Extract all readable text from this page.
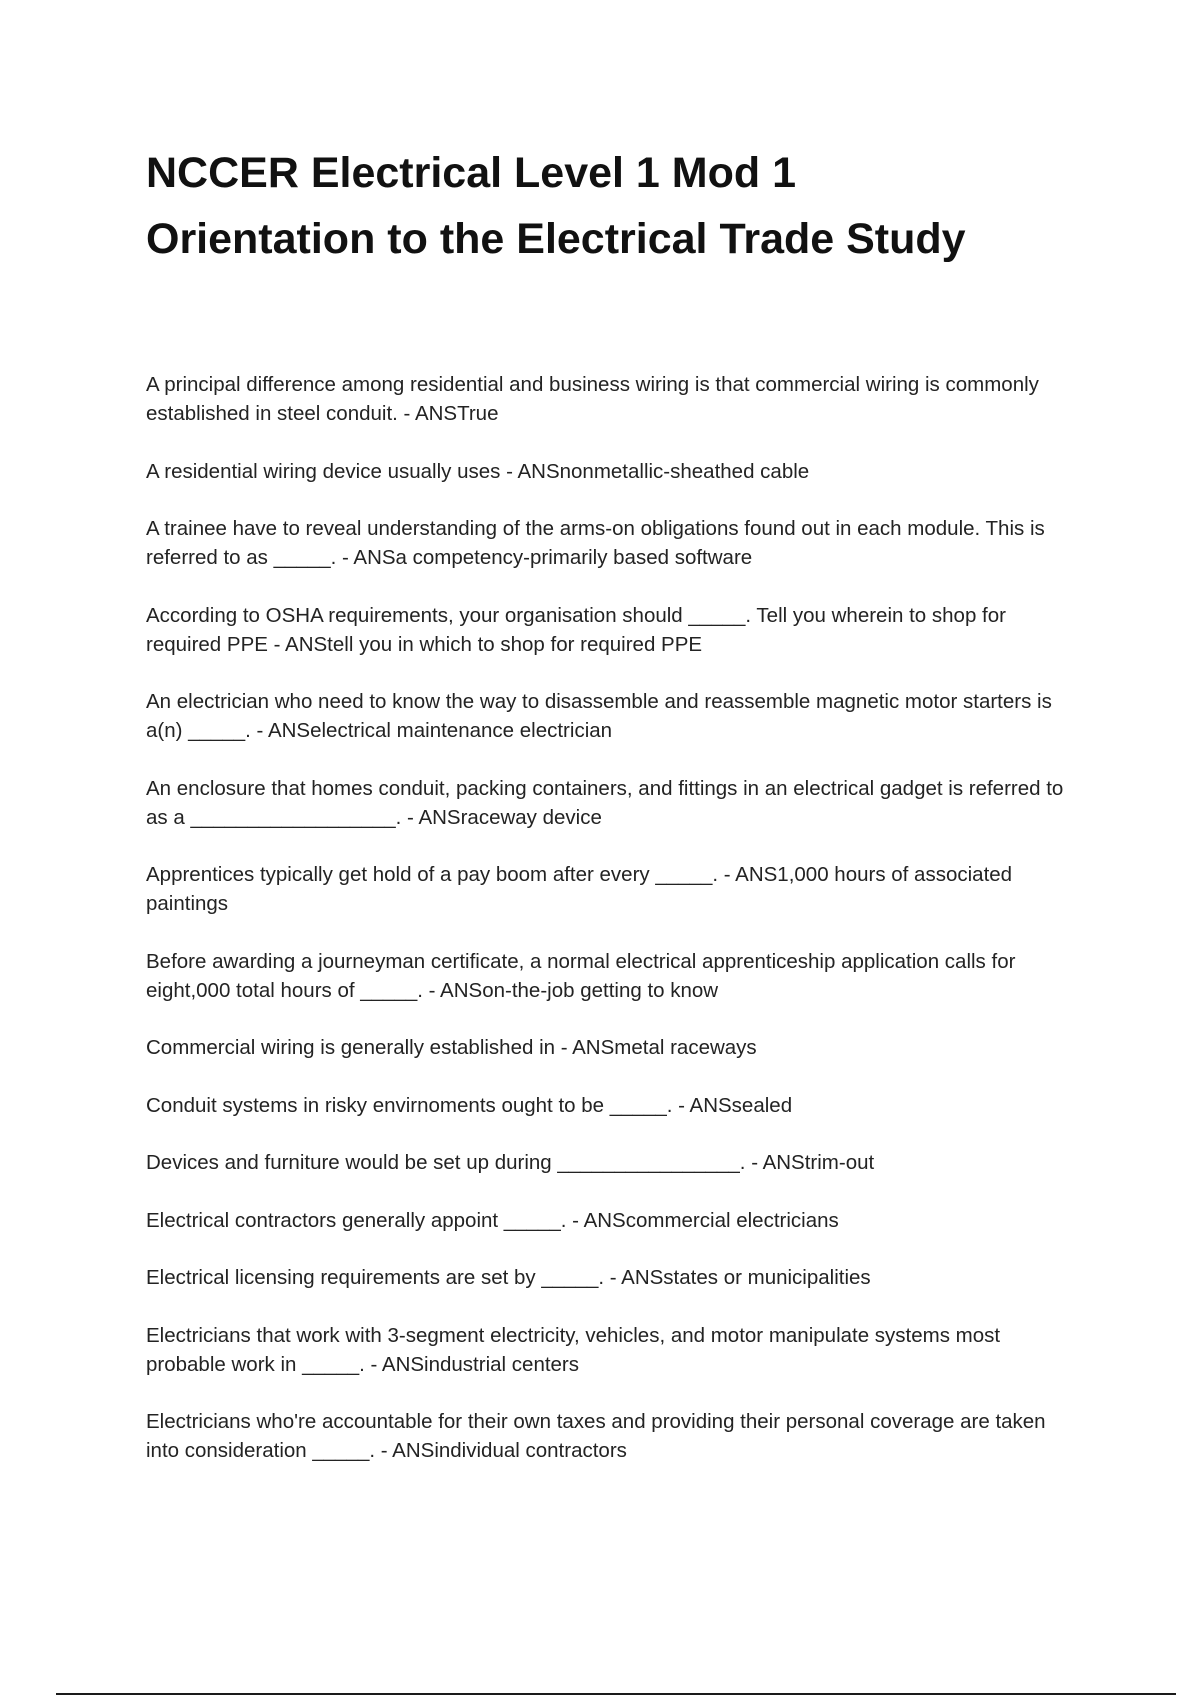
NCCER Electrical Level 1 Mod 1
Orientation to the Electrical Trade Study
A principal difference among residential and business wiring is that commercial wiring is commonly established in steel conduit. - ANSTrue
A residential wiring device usually uses - ANSnonmetallic-sheathed cable
A trainee have to reveal understanding of the arms-on obligations found out in each module. This is referred to as _____. - ANSa competency-primarily based software
According to OSHA requirements, your organisation should _____. Tell you wherein to shop for required PPE - ANStell you in which to shop for required PPE
An electrician who need to know the way to disassemble and reassemble magnetic motor starters is a(n) _____. - ANSelectrical maintenance electrician
An enclosure that homes conduit, packing containers, and fittings in an electrical gadget is referred to as a __________________. - ANSraceway device
Apprentices typically get hold of a pay boom after every _____. - ANS1,000 hours of associated paintings
Before awarding a journeyman certificate, a normal electrical apprenticeship application calls for eight,000 total hours of _____. - ANSon-the-job getting to know
Commercial wiring is generally established in - ANSmetal raceways
Conduit systems in risky envirnoments ought to be _____. - ANSsealed
Devices and furniture would be set up during ________________. - ANStrim-out
Electrical contractors generally appoint _____. - ANScommercial electricians
Electrical licensing requirements are set by _____. - ANSstates or municipalities
Electricians that work with 3-segment electricity, vehicles, and motor manipulate systems most probable work in _____. - ANSindustrial centers
Electricians who're accountable for their own taxes and providing their personal coverage are taken into consideration _____. - ANSindividual contractors
